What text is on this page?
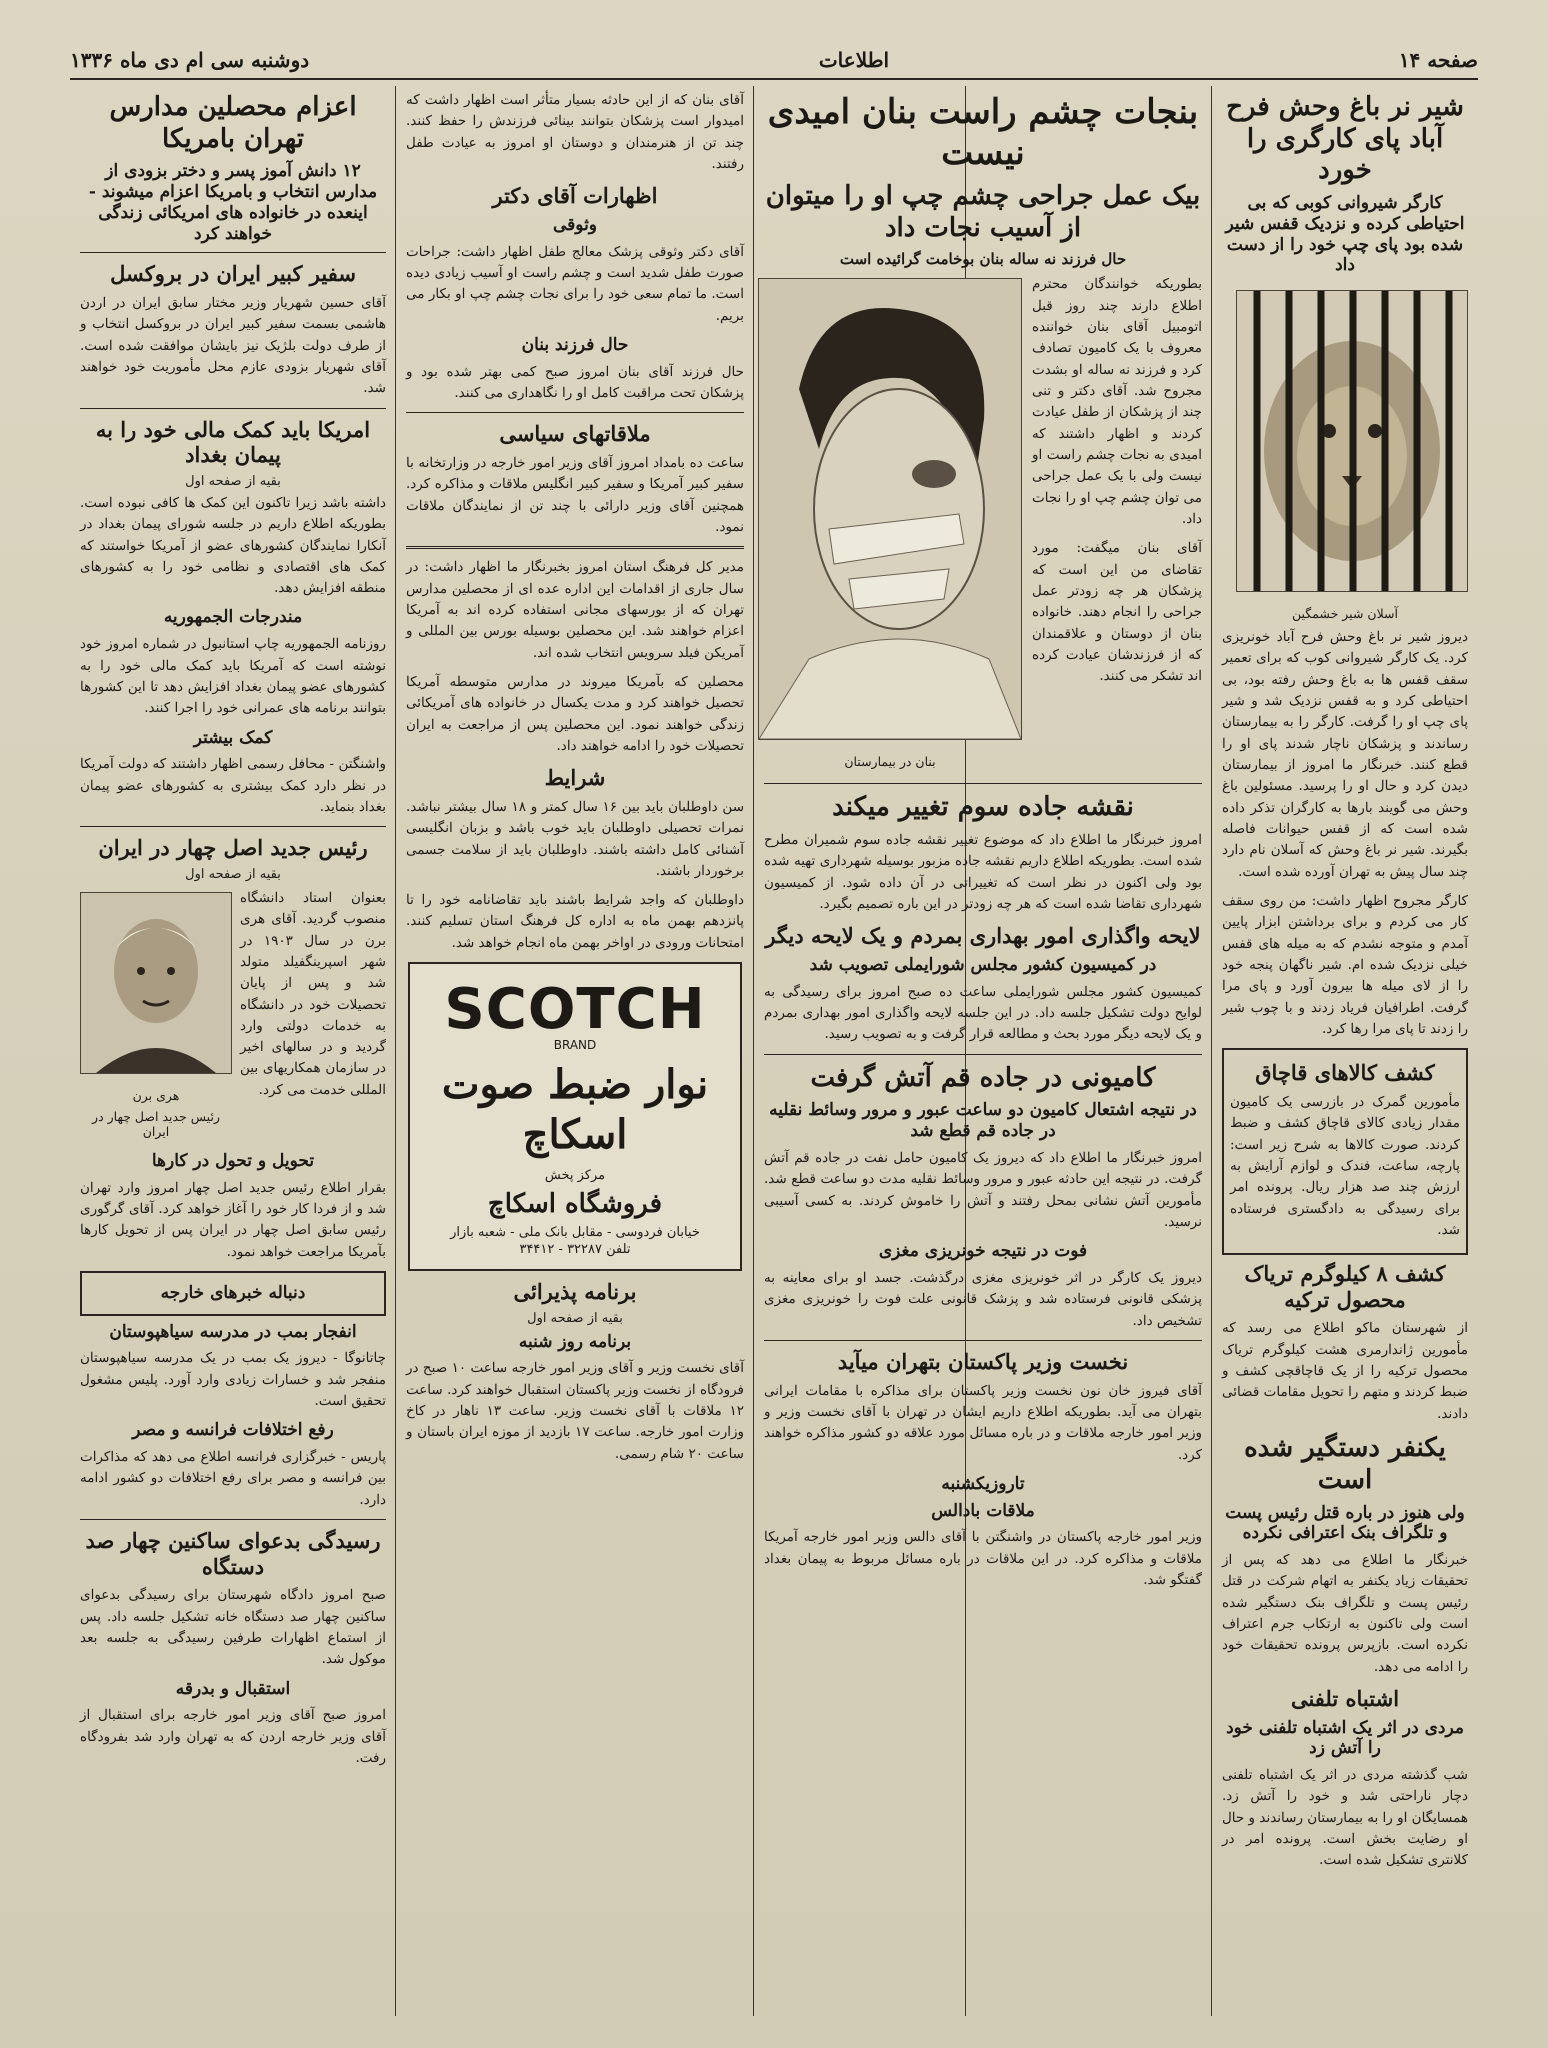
صفحه ۱۴
اطلاعات
دوشنبه سی ام دی ماه ۱۳۳۶
شیر نر باغ وحش فرح آباد پای کارگری را خورد
کارگر شیروانی کوبی که بی احتیاطی کرده و نزدیک قفس شیر شده بود پای چپ خود را از دست داد
آسلان شیر خشمگین
دیروز شیر نر باغ وحش فرح آباد خونریزی کرد. یک کارگر شیروانی کوب که برای تعمیر سقف قفس ها به باغ وحش رفته بود، بی احتیاطی کرد و به قفس نزدیک شد و شیر پای چپ او را گرفت. کارگر را به بیمارستان رساندند و پزشکان ناچار شدند پای او را قطع کنند. خبرنگار ما امروز از بیمارستان دیدن کرد و حال او را پرسید. مسئولین باغ وحش می گویند بارها به کارگران تذکر داده شده است که از قفس حیوانات فاصله بگیرند. شیر نر باغ وحش که آسلان نام دارد چند سال پیش به تهران آورده شده است.
کارگر مجروح اظهار داشت: من روی سقف کار می کردم و برای برداشتن ابزار پایین آمدم و متوجه نشدم که به میله های قفس خیلی نزدیک شده ام. شیر ناگهان پنجه خود را از لای میله ها بیرون آورد و پای مرا گرفت. اطرافیان فریاد زدند و با چوب شیر را زدند تا پای مرا رها کرد.
کشف کالاهای قاچاق
مأمورین گمرک در بازرسی یک کامیون مقدار زیادی کالای قاچاق کشف و ضبط کردند. صورت کالاها به شرح زیر است: پارچه، ساعت، فندک و لوازم آرایش به ارزش چند صد هزار ریال. پرونده امر برای رسیدگی به دادگستری فرستاده شد.
کشف ۸ کیلوگرم تریاک محصول ترکیه
از شهرستان ماکو اطلاع می رسد که مأمورین ژاندارمری هشت کیلوگرم تریاک محصول ترکیه را از یک قاچاقچی کشف و ضبط کردند و متهم را تحویل مقامات قضائی دادند.
یکنفر دستگیر شده است
ولی هنوز در باره قتل رئیس پست و تلگراف بنک اعترافی نکرده
خبرنگار ما اطلاع می دهد که پس از تحقیقات زیاد یکنفر به اتهام شرکت در قتل رئیس پست و تلگراف بنک دستگیر شده است ولی تاکنون به ارتکاب جرم اعتراف نکرده است. بازپرس پرونده تحقیقات خود را ادامه می دهد.
اشتباه تلفنی
مردی در اثر یک اشتباه تلفنی خود را آتش زد
شب گذشته مردی در اثر یک اشتباه تلفنی دچار ناراحتی شد و خود را آتش زد. همسایگان او را به بیمارستان رساندند و حال او رضایت بخش است. پرونده امر در کلانتری تشکیل شده است.
بنجات چشم راست بنان امیدی نیست
بیک عمل جراحی چشم چپ او را میتوان از آسیب نجات داد
حال فرزند نه ساله بنان بوخامت گرائیده است
بطوریکه خوانندگان محترم اطلاع دارند چند روز قبل اتومبیل آقای بنان خواننده معروف با یک کامیون تصادف کرد و فرزند نه ساله او بشدت مجروح شد. آقای دکتر و تنی چند از پزشکان از طفل عیادت کردند و اظهار داشتند که امیدی به نجات چشم راست او نیست ولی با یک عمل جراحی می توان چشم چپ او را نجات داد.
آقای بنان میگفت: مورد تقاضای من این است که پزشکان هر چه زودتر عمل جراحی را انجام دهند. خانواده بنان از دوستان و علاقمندان که از فرزندشان عیادت کرده اند تشکر می کنند.
بنان در بیمارستان
نقشه جاده سوم تغییر میکند
امروز خبرنگار ما اطلاع داد که موضوع تغییر نقشه جاده سوم شمیران مطرح شده است. بطوریکه اطلاع داریم نقشه جاده مزبور بوسیله شهرداری تهیه شده بود ولی اکنون در نظر است که تغییراتی در آن داده شود. از کمیسیون شهرداری تقاضا شده است که هر چه زودتر در این باره تصمیم بگیرد.
لایحه واگذاری امور بهداری بمردم و یک لایحه دیگر
در کمیسیون کشور مجلس شورایملی تصویب شد
کمیسیون کشور مجلس شورایملی ساعت ده صبح امروز برای رسیدگی به لوایح دولت تشکیل جلسه داد. در این جلسه لایحه واگذاری امور بهداری بمردم و یک لایحه دیگر مورد بحث و مطالعه قرار گرفت و به تصویب رسید.
کامیونی در جاده قم آتش گرفت
در نتیجه اشتعال کامیون دو ساعت عبور و مرور وسائط نقلیه در جاده قم قطع شد
امروز خبرنگار ما اطلاع داد که دیروز یک کامیون حامل نفت در جاده قم آتش گرفت. در نتیجه این حادثه عبور و مرور وسائط نقلیه مدت دو ساعت قطع شد. مأمورین آتش نشانی بمحل رفتند و آتش را خاموش کردند. به کسی آسیبی نرسید.
فوت در نتیجه خونریزی مغزی
دیروز یک کارگر در اثر خونریزی مغزی درگذشت. جسد او برای معاینه به پزشکی قانونی فرستاده شد و پزشک قانونی علت فوت را خونریزی مغزی تشخیص داد.
نخست وزیر پاکستان بتهران میآید
آقای فیروز خان نون نخست وزیر پاکستان برای مذاکره با مقامات ایرانی بتهران می آید. بطوریکه اطلاع داریم ایشان در تهران با آقای نخست وزیر و وزیر امور خارجه ملاقات و در باره مسائل مورد علاقه دو کشور مذاکره خواهند کرد.
تاروزیکشنبه
ملاقات بادالس
وزیر امور خارجه پاکستان در واشنگتن با آقای دالس وزیر امور خارجه آمریکا ملاقات و مذاکره کرد. در این ملاقات در باره مسائل مربوط به پیمان بغداد گفتگو شد.
آقای بنان که از این حادثه بسیار متأثر است اظهار داشت که امیدوار است پزشکان بتوانند بینائی فرزندش را حفظ کنند. چند تن از هنرمندان و دوستان او امروز به عیادت طفل رفتند.
اظهارات آقای دکتر
وثوقی
آقای دکتر وثوقی پزشک معالج طفل اظهار داشت: جراحات صورت طفل شدید است و چشم راست او آسیب زیادی دیده است. ما تمام سعی خود را برای نجات چشم چپ او بکار می بریم.
حال فرزند بنان
حال فرزند آقای بنان امروز صبح کمی بهتر شده بود و پزشکان تحت مراقبت کامل او را نگاهداری می کنند.
ملاقاتهای سیاسی
ساعت ده بامداد امروز آقای وزیر امور خارجه در وزارتخانه با سفیر کبیر آمریکا و سفیر کبیر انگلیس ملاقات و مذاکره کرد. همچنین آقای وزیر دارائی با چند تن از نمایندگان ملاقات نمود.
مدیر کل فرهنگ استان امروز بخبرنگار ما اظهار داشت: در سال جاری از اقدامات این اداره عده ای از محصلین مدارس تهران که از بورسهای مجانی استفاده کرده اند به آمریکا اعزام خواهند شد. این محصلین بوسیله بورس بین المللی و آمریکن فیلد سرویس انتخاب شده اند.
محصلین که بآمریکا میروند در مدارس متوسطه آمریکا تحصیل خواهند کرد و مدت یکسال در خانواده های آمریکائی زندگی خواهند نمود. این محصلین پس از مراجعت به ایران تحصیلات خود را ادامه خواهند داد.
شرایط
سن داوطلبان باید بین ۱۶ سال کمتر و ۱۸ سال بیشتر نباشد. نمرات تحصیلی داوطلبان باید خوب باشد و بزبان انگلیسی آشنائی کامل داشته باشند. داوطلبان باید از سلامت جسمی برخوردار باشند.
داوطلبان که واجد شرایط باشند باید تقاضانامه خود را تا پانزدهم بهمن ماه به اداره کل فرهنگ استان تسلیم کنند. امتحانات ورودی در اواخر بهمن ماه انجام خواهد شد.
SCOTCH
BRAND
نوار ضبط صوت اسکاچ
مرکز پخش
فروشگاه اسکاچ
خیابان فردوسی - مقابل بانک ملی - شعبه بازار
تلفن ۳۲۲۸۷ - ۳۴۴۱۲
برنامه پذیرائی
بقیه از صفحه اول
برنامه روز شنبه
آقای نخست وزیر و آقای وزیر امور خارجه ساعت ۱۰ صبح در فرودگاه از نخست وزیر پاکستان استقبال خواهند کرد. ساعت ۱۲ ملاقات با آقای نخست وزیر. ساعت ۱۳ ناهار در کاخ وزارت امور خارجه. ساعت ۱۷ بازدید از موزه ایران باستان و ساعت ۲۰ شام رسمی.
اعزام محصلین مدارس تهران بامریکا
۱۲ دانش آموز پسر و دختر بزودی از مدارس انتخاب و بامریکا اعزام میشوند - اینعده در خانواده های امریکائی زندگی خواهند کرد
سفیر کبیر ایران در بروکسل
آقای حسین شهریار وزیر مختار سابق ایران در اردن هاشمی بسمت سفیر کبیر ایران در بروکسل انتخاب و از طرف دولت بلژیک نیز بایشان موافقت شده است. آقای شهریار بزودی عازم محل مأموریت خود خواهند شد.
امریکا باید کمک مالی خود را به پیمان بغداد
بقیه از صفحه اول
داشته باشد زیرا تاکنون این کمک ها کافی نبوده است. بطوریکه اطلاع داریم در جلسه شورای پیمان بغداد در آنکارا نمایندگان کشورهای عضو از آمریکا خواستند که کمک های اقتصادی و نظامی خود را به کشورهای منطقه افزایش دهد.
مندرجات الجمهوریه
روزنامه الجمهوریه چاپ استانبول در شماره امروز خود نوشته است که آمریکا باید کمک مالی خود را به کشورهای عضو پیمان بغداد افزایش دهد تا این کشورها بتوانند برنامه های عمرانی خود را اجرا کنند.
کمک بیشتر
واشنگتن - محافل رسمی اظهار داشتند که دولت آمریکا در نظر دارد کمک بیشتری به کشورهای عضو پیمان بغداد بنماید.
رئیس جدید اصل چهار در ایران
بقیه از صفحه اول
بعنوان استاد دانشگاه منصوب گردید. آقای هری برن در سال ۱۹۰۳ در شهر اسپرینگفیلد متولد شد و پس از پایان تحصیلات خود در دانشگاه به خدمات دولتی وارد گردید و در سالهای اخیر در سازمان همکاریهای بین المللی خدمت می کرد.
هری برن
رئیس جدید اصل چهار در ایران
تحویل و تحول در کارها
بقرار اطلاع رئیس جدید اصل چهار امروز وارد تهران شد و از فردا کار خود را آغاز خواهد کرد. آقای گرگوری رئیس سابق اصل چهار در ایران پس از تحویل کارها بآمریکا مراجعت خواهد نمود.
دنباله خبرهای خارجه
انفجار بمب در مدرسه سیاهپوستان
چاتانوگا - دیروز یک بمب در یک مدرسه سیاهپوستان منفجر شد و خسارات زیادی وارد آورد. پلیس مشغول تحقیق است.
رفع اختلافات فرانسه و مصر
پاریس - خبرگزاری فرانسه اطلاع می دهد که مذاکرات بین فرانسه و مصر برای رفع اختلافات دو کشور ادامه دارد.
رسیدگی بدعوای ساکنین چهار صد دستگاه
صبح امروز دادگاه شهرستان برای رسیدگی بدعوای ساکنین چهار صد دستگاه خانه تشکیل جلسه داد. پس از استماع اظهارات طرفین رسیدگی به جلسه بعد موکول شد.
استقبال و بدرقه
امروز صبح آقای وزیر امور خارجه برای استقبال از آقای وزیر خارجه اردن که به تهران وارد شد بفرودگاه رفت.
